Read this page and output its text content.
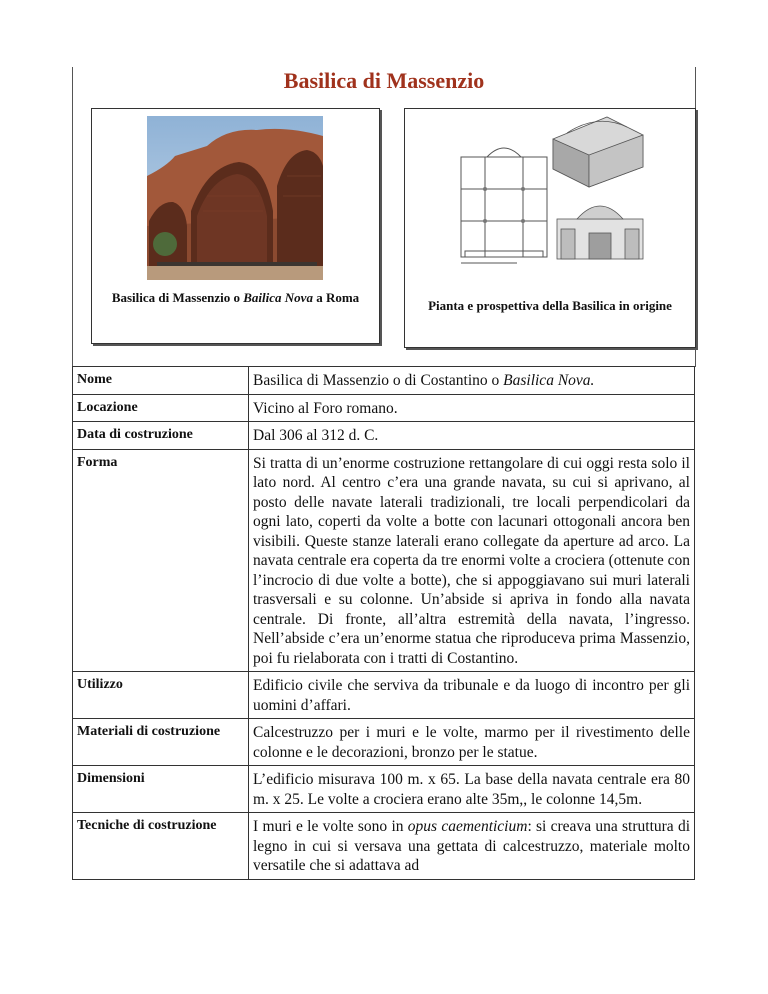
Basilica di Massenzio
Basilica di Massenzio o Bailica Nova a Roma
Pianta e prospettiva della Basilica in origine
Nome	Basilica di Massenzio o di Costantino o Basilica Nova.
Locazione	Vicino al Foro romano.
Data di costruzione	Dal 306 al 312 d. C.
Forma	Si tratta di un’enorme costruzione rettangolare di cui oggi resta solo il lato nord. Al centro c’era una grande navata, su cui si aprivano, al posto delle navate laterali tradizionali, tre locali perpendicolari da ogni lato, coperti da volte a botte con lacunari ottogonali ancora ben visibili. Queste stanze laterali erano collegate da aperture ad arco. La navata centrale era coperta da tre enormi volte a crociera (ottenute con l’incrocio di due volte a botte), che si appoggiavano sui muri laterali trasversali e su colonne. Un’abside si apriva in fondo alla navata centrale. Di fronte, all’altra estremità della navata, l’ingresso. Nell’abside c’era un’enorme statua che riproduceva prima Massenzio, poi fu rielaborata con i tratti di Costantino.
Utilizzo	Edificio civile che serviva da tribunale e da luogo di incontro per gli uomini d’affari.
Materiali di costruzione	Calcestruzzo per i muri e le volte, marmo per il rivestimento delle colonne e le decorazioni, bronzo per le statue.
Dimensioni	L’edificio misurava 100 m. x 65. La base della navata centrale era 80 m. x 25. Le volte a crociera erano alte 35m,, le colonne 14,5m.
Tecniche di costruzione	I muri e le volte sono in opus caementicium: si creava una struttura di legno in cui si versava una gettata di calcestruzzo, materiale molto versatile che si adattava ad
